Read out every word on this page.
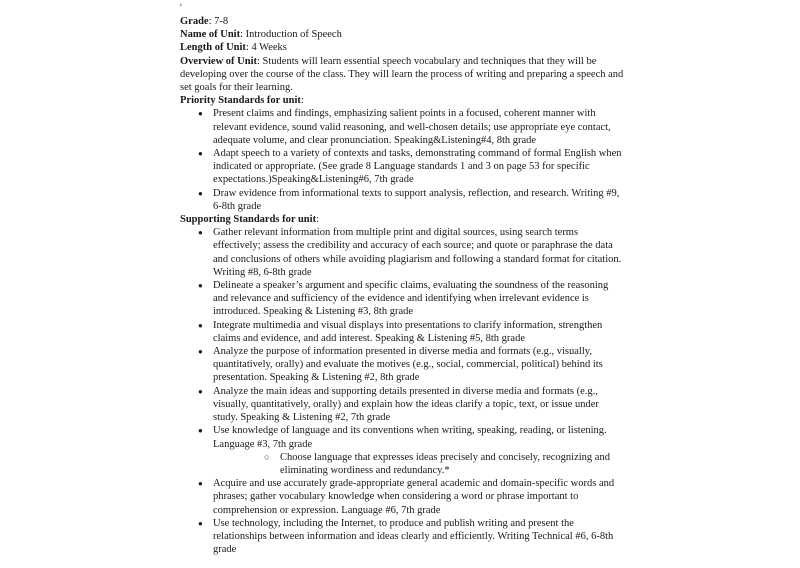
'

Grade: 7-8

Name of Unit: Introduction of Speech

Length of Unit: 4 Weeks

Overview of Unit: Students will learn essential speech vocabulary and techniques that they will be developing over the course of the class. They will learn the process of writing and preparing a speech and set goals for their learning.

Priority Standards for unit:

● Present claims and findings, emphasizing salient points in a focused, coherent manner with relevant evidence, sound valid reasoning, and well-chosen details; use appropriate eye contact, adequate volume, and clear pronunciation. Speaking&Listening#4, 8th grade
● Adapt speech to a variety of contexts and tasks, demonstrating command of formal English when indicated or appropriate. (See grade 8 Language standards 1 and 3 on page 53 for specific expectations.)Speaking&Listening#6, 7th grade
● Draw evidence from informational texts to support analysis, reflection, and research. Writing #9, 6-8th grade

Supporting Standards for unit:

● Gather relevant information from multiple print and digital sources, using search terms effectively; assess the credibility and accuracy of each source; and quote or paraphrase the data and conclusions of others while avoiding plagiarism and following a standard format for citation. Writing #8, 6-8th grade
● Delineate a speaker’s argument and specific claims, evaluating the soundness of the reasoning and relevance and sufficiency of the evidence and identifying when irrelevant evidence is introduced. Speaking & Listening #3, 8th grade
● Integrate multimedia and visual displays into presentations to clarify information, strengthen claims and evidence, and add interest. Speaking & Listening #5, 8th grade
● Analyze the purpose of information presented in diverse media and formats (e.g., visually, quantitatively, orally) and evaluate the motives (e.g., social, commercial, political) behind its presentation. Speaking & Listening #2, 8th grade
● Analyze the main ideas and supporting details presented in diverse media and formats (e.g., visually, quantitatively, orally) and explain how the ideas clarify a topic, text, or issue under study. Speaking & Listening #2, 7th grade
● Use knowledge of language and its conventions when writing, speaking, reading, or listening. Language #3, 7th grade
○ Choose language that expresses ideas precisely and concisely, recognizing and eliminating wordiness and redundancy.*
● Acquire and use accurately grade-appropriate general academic and domain-specific words and phrases; gather vocabulary knowledge when considering a word or phrase important to comprehension or expression. Language #6, 7th grade
● Use technology, including the Internet, to produce and publish writing and present the relationships between information and ideas clearly and efficiently. Writing Technical #6, 6-8th grade
